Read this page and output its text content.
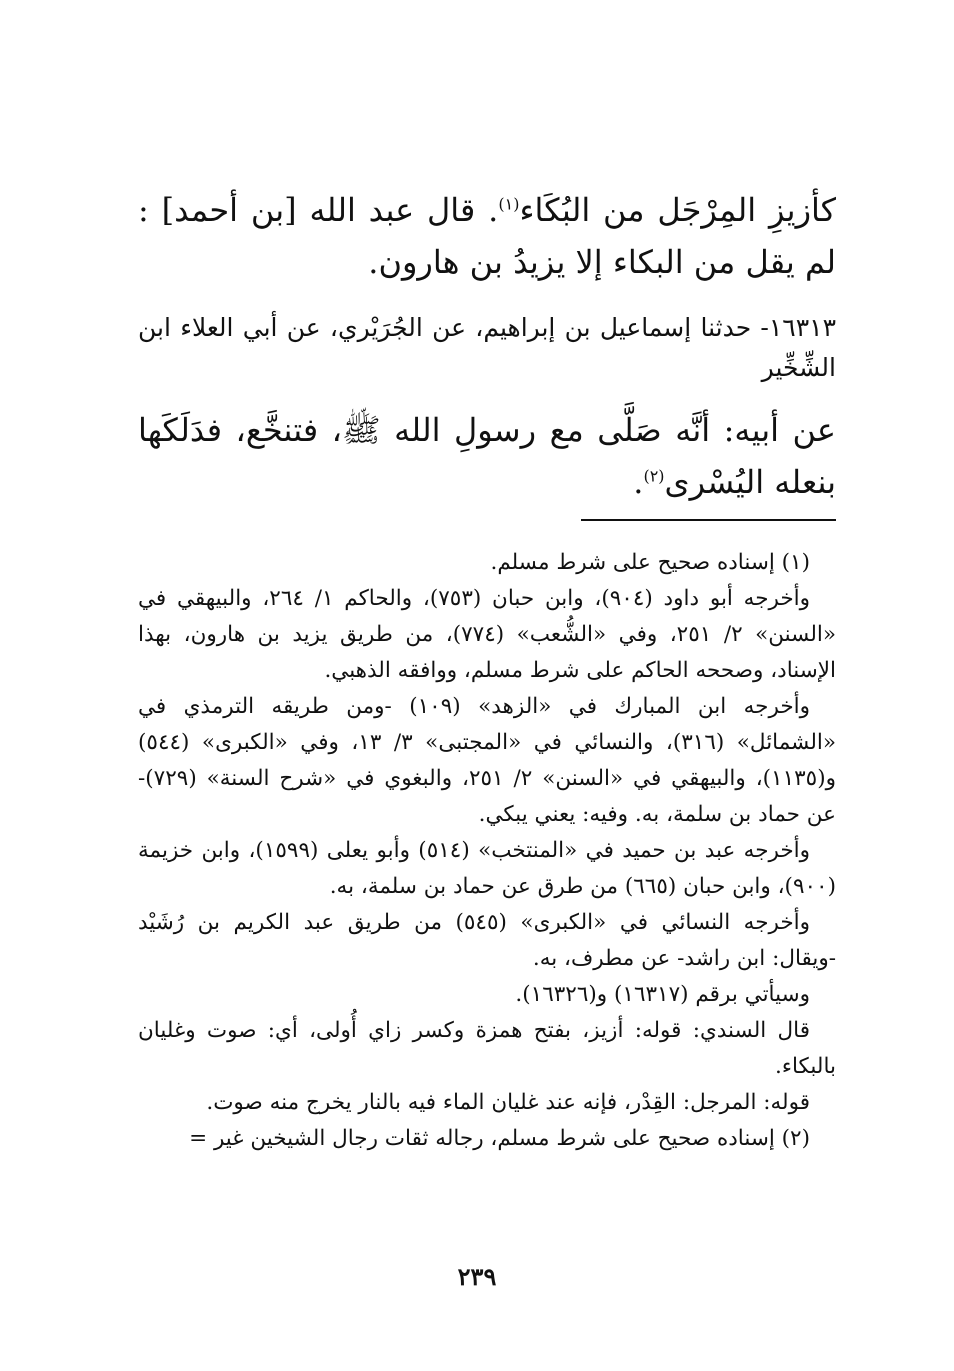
كأزيزِ المِرْجَل من البُكَاء$^{(١)}$. قال عبد الله [بن أحمد] : لم يقل من البكاء إلا يزيدُ بن هارون.
١٦٣١٣- حدثنا إسماعيل بن إبراهيم، عن الجُرَيْري، عن أبي العلاء ابن الشِّخِّير
عن أبيه: أنَّه صَلَّى مع رسولِ الله ﷺ، فتنخَّع، فدَلَكَها بنعله اليُسْرى$^{(٢)}$.

(١) إسناده صحيح على شرط مسلم.

وأخرجه أبو داود (٩٠٤)، وابن حبان (٧٥٣)، والحاكم ١/ ٢٦٤، والبيهقي في «السنن» ٢/ ٢٥١، وفي «الشُّعب» (٧٧٤)، من طريق يزيد بن هارون، بهذا الإسناد، وصححه الحاكم على شرط مسلم، ووافقه الذهبي.

وأخرجه ابن المبارك في «الزهد» (١٠٩) -ومن طريقه الترمذي في «الشمائل» (٣١٦)، والنسائي في «المجتبى» ٣/ ١٣، وفي «الكبرى» (٥٤٤) و(١١٣٥)، والبيهقي في «السنن» ٢/ ٢٥١، والبغوي في «شرح السنة» (٧٢٩)- عن حماد بن سلمة، به. وفيه: يعني يبكي.

وأخرجه عبد بن حميد في «المنتخب» (٥١٤) وأبو يعلى (١٥٩٩)، وابن خزيمة (٩٠٠)، وابن حبان (٦٦٥) من طرق عن حماد بن سلمة، به.

وأخرجه النسائي في «الكبرى» (٥٤٥) من طريق عبد الكريم بن رُشَيْد -ويقال: ابن راشد- عن مطرف، به.

وسيأتي برقم (١٦٣١٧) و(١٦٣٢٦).

قال السندي: قوله: أزيز، بفتح همزة وكسر زاي أُولى، أي: صوت وغليان بالبكاء.

قوله: المرجل: القِدْر، فإنه عند غليان الماء فيه بالنار يخرج منه صوت.

(٢) إسناده صحيح على شرط مسلم، رجاله ثقات رجال الشيخين غير =

٢٣٩
